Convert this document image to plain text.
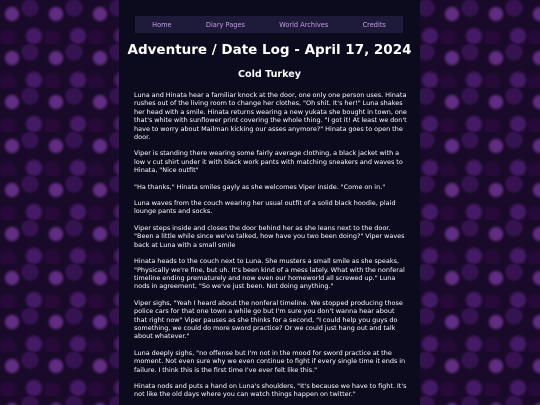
Home	Diary Pages	World Archives	Credits
Adventure / Date Log - April 17, 2024
Cold Turkey

Luna and Hinata hear a familiar knock at the door, one only one person uses. Hinata rushes out of the living room to change her clothes, "Oh shit. It's her!" Luna shakes her head with a smile. Hinata returns wearing a new yukata she bought in town, one that's white with sunflower print covering the whole thing. "I got it! At least we don't have to worry about Mailman kicking our asses anymore?" Hinata goes to open the door.

Viper is standing there wearing some fairly average clothing, a black jacket with a low v cut shirt under it with black work pants with matching sneakers and waves to Hinata, "Nice outfit"

"Ha thanks," Hinata smiles gayly as she welcomes Viper inside. "Come on in."

Luna waves from the couch wearing her usual outfit of a solid black hoodie, plaid lounge pants and socks.

Viper steps inside and closes the door behind her as she leans next to the door. "Been a little while since we've talked, how have you two been doing?" Viper waves back at Luna with a small smile

Hinata heads to the couch next to Luna. She musters a small smile as she speaks, "Physically we're fine, but uh. It's been kind of a mess lately. What with the nonferal timeline ending prematurely and now even our homeworld all screwed up." Luna nods in agreement, "So we've just been. Not doing anything."

Viper sighs, "Yeah I heard about the nonferal timeline. We stopped producing those police cars for that one town a while go but I'm sure you don't wanna hear about that right now" Viper pauses as she thinks for a second, "I could help you guys do something, we could do more sword practice? Or we could just hang out and talk about whatever."

Luna deeply sighs, "no offense but I'm not in the mood for sword practice at the moment. Not even sure why we even continue to fight if every single time it ends in failure. I think this is the first time I've ever felt like this."

Hinata nods and puts a hand on Luna's shoulders, "It's because we have to fight. It's not like the old days where you can watch things happen on twitter."
